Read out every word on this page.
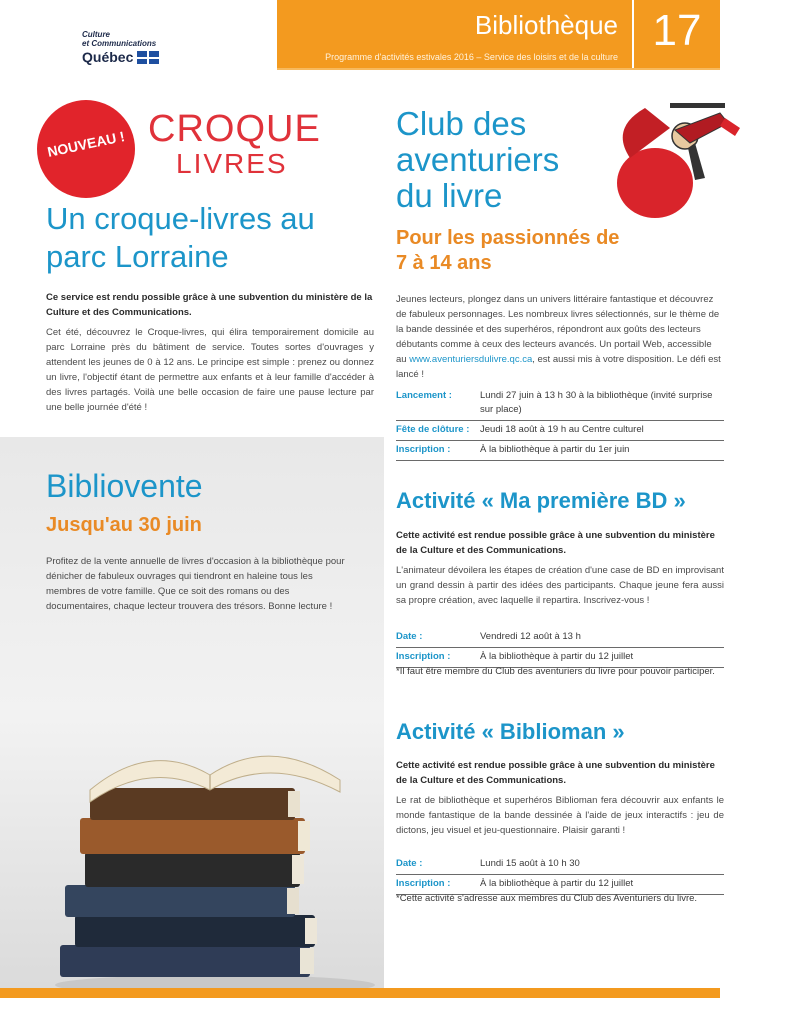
Culture
et Communications
Québec
Bibliothèque
Programme d'activités estivales 2016 – Service des loisirs et de la culture
17
NOUVEAU ! CROQUE
LIVRES
Un croque-livres au parc Lorraine

Ce service est rendu possible grâce à une subvention du ministère de la Culture et des Communications.

Cet été, découvrez le Croque-livres, qui élira temporairement domicile au parc Lorraine près du bâtiment de service. Toutes sortes d'ouvrages y attendent les jeunes de 0 à 12 ans. Le principe est simple : prenez ou donnez un livre, l'objectif étant de permettre aux enfants et à leur famille d'accéder à des livres partagés. Voilà une belle occasion de faire une pause lecture par une belle journée d'été !

Bibliovente
Jusqu'au 30 juin

Profitez de la vente annuelle de livres d'occasion à la bibliothèque pour dénicher de fabuleux ouvrages qui tiendront en haleine tous les membres de votre famille. Que ce soit des romans ou des documentaires, chaque lecteur trouvera des trésors. Bonne lecture !

Club des aventuriers du livre
Pour les passionnés de 7 à 14 ans

Jeunes lecteurs, plongez dans un univers littéraire fantastique et découvrez de fabuleux personnages. Les nombreux livres sélectionnés, sur le thème de la bande dessinée et des superhéros, répondront aux goûts des lecteurs débutants comme à ceux des lecteurs avancés. Un portail Web, accessible au www.aventuriersdulivre.qc.ca, est aussi mis à votre disposition. Le défi est lancé !

Lancement :	Lundi 27 juin à 13 h 30 à la bibliothèque (invité surprise sur place)
Fête de clôture :	Jeudi 18 août à 19 h au Centre culturel
Inscription :	À la bibliothèque à partir du 1er juin
Activité « Ma première BD »

Cette activité est rendue possible grâce à une subvention du ministère de la Culture et des Communications.

L'animateur dévoilera les étapes de création d'une case de BD en improvisant un grand dessin à partir des idées des participants. Chaque jeune fera aussi sa propre création, avec laquelle il repartira. Inscrivez-vous !

Date :	Vendredi 12 août à 13 h
Inscription :	À la bibliothèque à partir du 12 juillet

*Il faut être membre du Club des aventuriers du livre pour pouvoir participer.

Activité « Biblioman »

Cette activité est rendue possible grâce à une subvention du ministère de la Culture et des Communications.

Le rat de bibliothèque et superhéros Biblioman fera découvrir aux enfants le monde fantastique de la bande dessinée à l'aide de jeux interactifs : jeu de dictons, jeu visuel et jeu-questionnaire. Plaisir garanti !

Date :	Lundi 15 août à 10 h 30
Inscription :	À la bibliothèque à partir du 12 juillet

*Cette activité s'adresse aux membres du Club des Aventuriers du livre.
